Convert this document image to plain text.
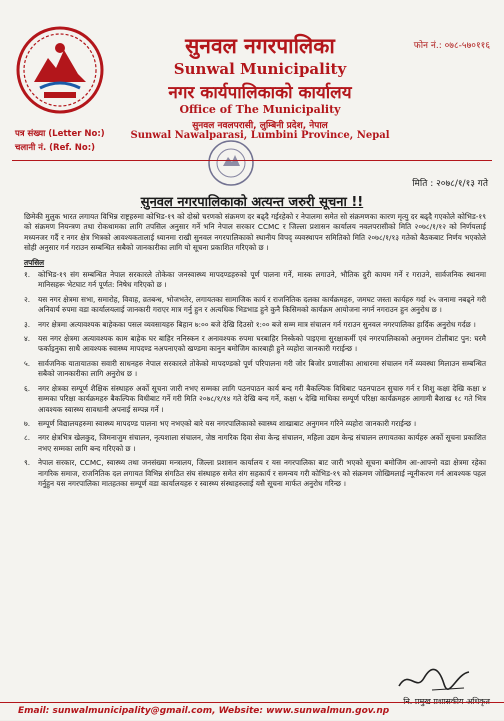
फोन नं.: ०७८-५७०११६
सुनवल नगरपालिका
Sunwal Municipality
नगर कार्यपालिकाको कार्यालय
Office of The Municipality
सुनवल नवलपरासी, लुम्बिनी प्रदेश, नेपाल
Sunwal Nawalparasi, Lumbini Province, Nepal
पत्र संख्या (Letter No:)
चलानी नं. (Ref. No:)
मिति : २०७८/१/१३ गते
सुनवल नगरपालिकाको अत्यन्त जरुरी सूचना !!

छिमेकी मुलुक भारत लगायत विभिन्न राष्ट्रहरुमा कोभिड-१९ को दोस्रो चरणको संक्रमण दर बढ्दै गईरहेको र नेपालमा समेत सो संक्रमणका कारण मृत्यु दर बढ्दै गएकोले कोभिड-१९ को संक्रमण नियन्त्रण तथा रोकथामका लागि तपसिल अनुसार गर्ने भनि नेपाल सरकार CCMC र जिल्ला प्रशासन कार्यालय नवलपरासीको मिति २०७८/१/१२ को निर्णयलाई मध्यनजर गर्दै र नगर क्षेत्र भित्रको आवश्यकतालाई ध्यानमा राखी सुनवल नगरपालिकाको स्थानीय विपद् व्यवस्थापन समितिको मिति २०७८/१/१३ गतेको बैठकबाट निर्णय भएकोले सोही अनुसार गर्न गराउन सम्बन्धित सबैको जानकारीका लागि यो सूचना प्रकाशित गरिएको छ ।

तपसिल

१.	कोभिड-१९ संग सम्बन्धित नेपाल सरकारले तोकेका जनस्वास्थ्य मापदण्डहरुको पूर्ण पालना गर्ने, मास्क लगाउने, भौतिक दुरी कायम गर्ने र गराउने, सार्वजनिक स्थानमा मानिसहरू भेटघाट गर्न पूर्णत: निषेध गरिएको छ ।

२.	यस नगर क्षेत्रमा सभा, समारोह, विवाह, व्रतबन्ध, भोजभतेर, लगायतका सामाजिक कार्य र राजनितिक दलका कार्यक्रमहरु, जमघट जस्ता कार्यहरु गर्दा २५ जनामा नबढ्ने गरी अनिवार्य रुपमा वडा कार्यालयलाई जानकारी गराएर मात्र गर्नु हुन र अत्यधिक भिडभाड हुने कुनै किसिमको कार्यक्रम आयोजना नगर्न नगराउन हुन अनुरोध छ ।

३.	नगर क्षेत्रमा अत्यावश्यक बाहेकका पसल व्यवसायहरु बिहान ७:०० बजे देखि दिउसो १:०० बजे सम्म मात्र संचालन गर्न गराउन सुनवल नगरपालिका हार्दिक अनुरोध गर्दछ ।

४.	यस नगर क्षेत्रमा अत्यावश्यक काम बाहेक घर बाहिर ननिस्कन र अनावश्यक रुपमा घरबाहिर निस्केको पाइएमा सुरक्षाकर्मी एवं नगरपालिकाको अनुगमन टोलीबाट पुन: घरमै फर्काइनुका साथै आवश्यक स्वास्थ्य मापदण्ड नअपनाएको खण्डमा कानुन बमोजिम कारबाही हुने व्यहोरा जानकारी गराईन्छ ।

५.	सार्वजनिक यातायातका सवारी साधनहरु नेपाल सरकारले तोकेको मापदण्डको पूर्ण परिपालना गरी जोर बिजोर प्रणालीका आधारमा संचालन गर्ने व्यवस्था मिलाउन सम्बन्धित सबैको जानकारीका लागि अनुरोध छ ।

६.	नगर क्षेत्रका सम्पूर्ण शैक्षिक संस्थाहरु अर्को सूचना जारी नभए सम्मका लागि पठनपाठन कार्य बन्द गरी बैकल्पिक विधिबाट पठनपाठन सुचारु गर्न र शिशु कक्षा देखि कक्षा ४ सम्मका परिक्षा कार्यक्रमहरु बैकल्पिक विधीबाट गर्ने गरी मिति २०७८/१/१४ गते देखि बन्द गर्ने, कक्षा ५ देखि माथिका सम्पूर्ण परिक्षा कार्यक्रमहरु आगामी बैशाख १८ गते भित्र आवश्यक स्वास्थ्य सावधानी अपनाई सम्पन्न गर्ने ।

७.	सम्पूर्ण विद्यालयहरुमा स्वास्थ्य मापदण्ड पालना भए नभएको बारे यस नगरपालिकाको स्वास्थ्य शाखाबाट अनुगमन गरिने व्यहोरा जानकारी गराईन्छ ।

८.	नगर क्षेत्रभित्र खेलकुद, जिमनाजुम संचालन, नृत्यशाला संचालन, जेष्ठ नागरिक दिवा सेवा केन्द्र संचालन, महिला उद्यम केन्द्र संचालन लगायतका कार्यहरु अर्को सूचना प्रकाशित नभए सम्मका लागि बन्द गरिएको छ ।

९.	नेपाल सरकार, CCMC, स्वास्थ्य तथा जनसंख्या मन्त्रालय, जिल्ला प्रशासन कार्यालय र यस नगरपालिका बाट जारी भएको सूचना बमोजिम आ-आफ्नो वडा क्षेत्रमा रहेका नागरिक समाज, राजनितिक दल लगायत विभिन्न संगठित संघ संस्थाहरु समेत संग सहकार्य र समन्वय गरी कोभिड-१९ को संक्रमण जोखिमलाई न्यूनीकरण गर्न आवश्यक पहल गर्नुहुन यस नगरपालिका मातहतका सम्पूर्ण वडा कार्यालयहरु र स्वास्थ्य संस्थाहरुलाई यसै सूचना मार्फत अनुरोध गरिन्छ ।

नि. प्रमुख प्रशासकीय अधिकृत
Email: sunwalmunicipality@gmail.com, Website: www.sunwalmun.gov.np
